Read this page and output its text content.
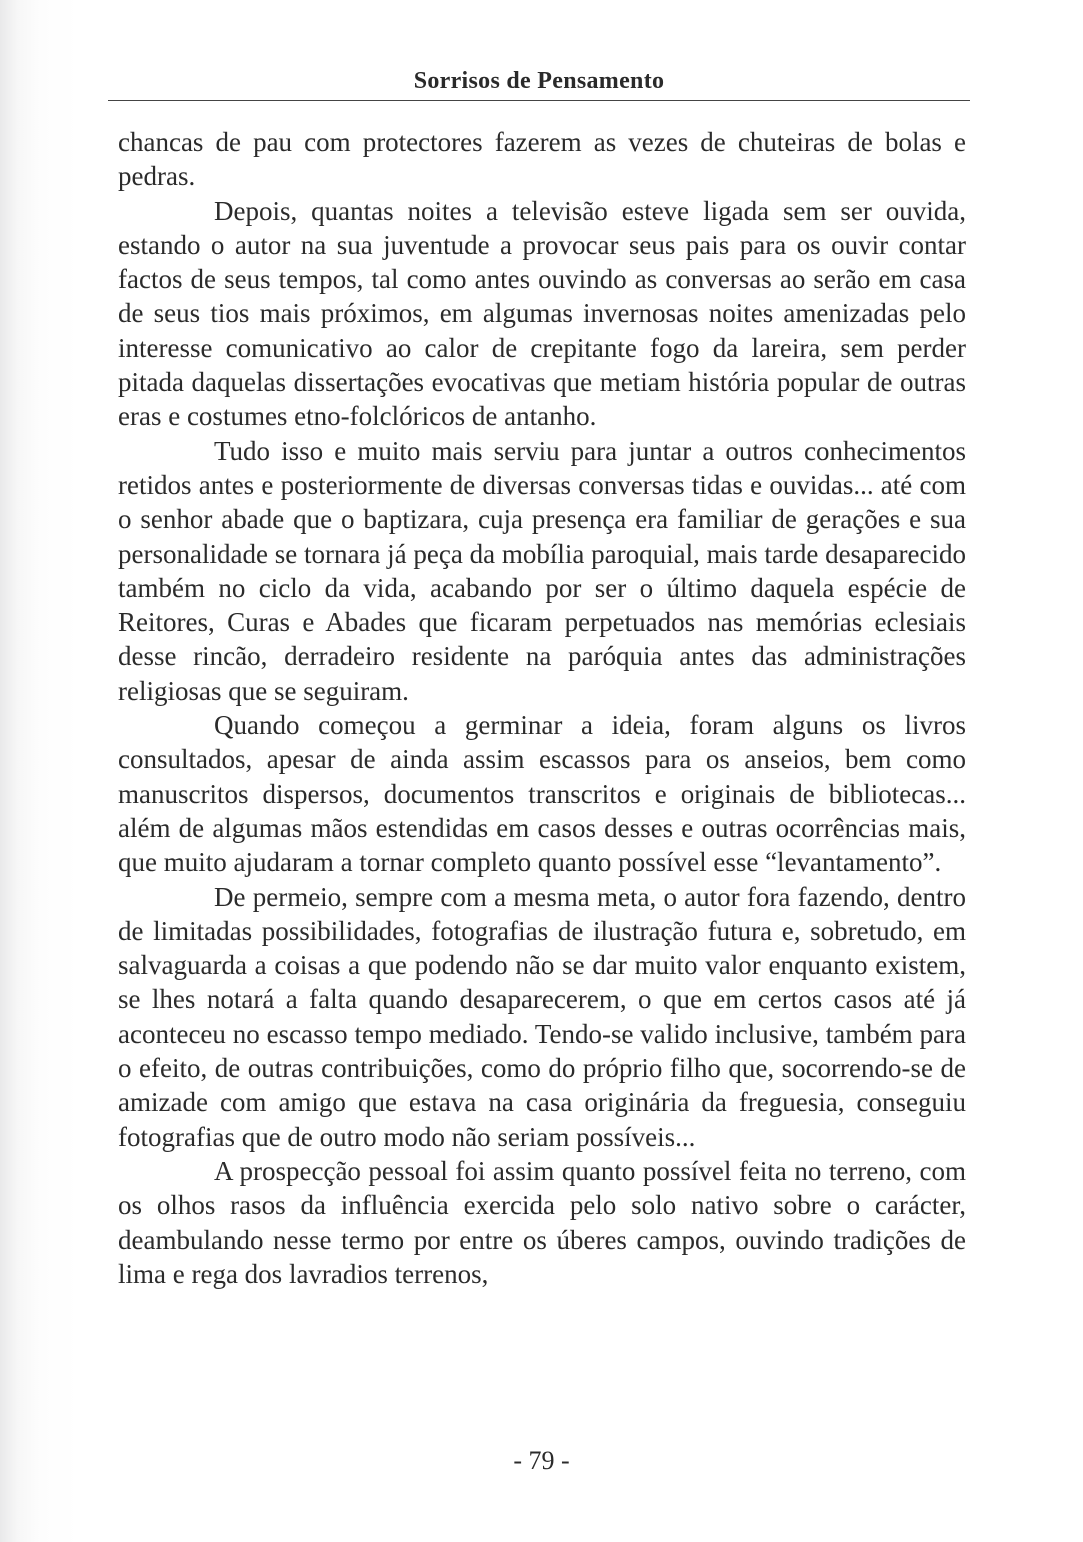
Sorrisos de Pensamento

chancas de pau com protectores fazerem as vezes de chuteiras de bolas e pedras.

Depois, quantas noites a televisão esteve ligada sem ser ouvida, estando o autor na sua juventude a provocar seus pais para os ouvir contar factos de seus tempos, tal como antes ouvindo as conversas ao serão em casa de seus tios mais próximos, em algumas invernosas noites amenizadas pelo interesse comunicativo ao calor de crepitante fogo da lareira, sem perder pitada daquelas dissertações evocativas que metiam história popular de outras eras e costumes etno-folclóricos de antanho.

Tudo isso e muito mais serviu para juntar a outros conhecimentos retidos antes e posteriormente de diversas conversas tidas e ouvidas... até com o senhor abade que o baptizara, cuja presença era familiar de gerações e sua personalidade se tornara já peça da mobília paroquial, mais tarde desaparecido também no ciclo da vida, acabando por ser o último daquela espécie de Reitores, Curas e Abades que ficaram perpetuados nas memórias eclesiais desse rincão, derradeiro residente na paróquia antes das administrações religiosas que se seguiram.

Quando começou a germinar a ideia, foram alguns os livros consultados, apesar de ainda assim escassos para os anseios, bem como manuscritos dispersos, documentos transcritos e originais de bibliotecas... além de algumas mãos estendidas em casos desses e outras ocorrências mais, que muito ajudaram a tornar completo quanto possível esse “levantamento”.

De permeio, sempre com a mesma meta, o autor fora fazendo, dentro de limitadas possibilidades, fotografias de ilustração futura e, sobretudo, em salvaguarda a coisas a que podendo não se dar muito valor enquanto existem, se lhes notará a falta quando desaparecerem, o que em certos casos até já aconteceu no escasso tempo mediado. Tendo-se valido inclusive, também para o efeito, de outras contribuições, como do próprio filho que, socorrendo-se de amizade com amigo que estava na casa originária da freguesia, conseguiu fotografias que de outro modo não seriam possíveis...

A prospecção pessoal foi assim quanto possível feita no terreno, com os olhos rasos da influência exercida pelo solo nativo sobre o carácter, deambulando nesse termo por entre os úberes campos, ouvindo tradições de lima e rega dos lavradios terrenos,

- 79 -
